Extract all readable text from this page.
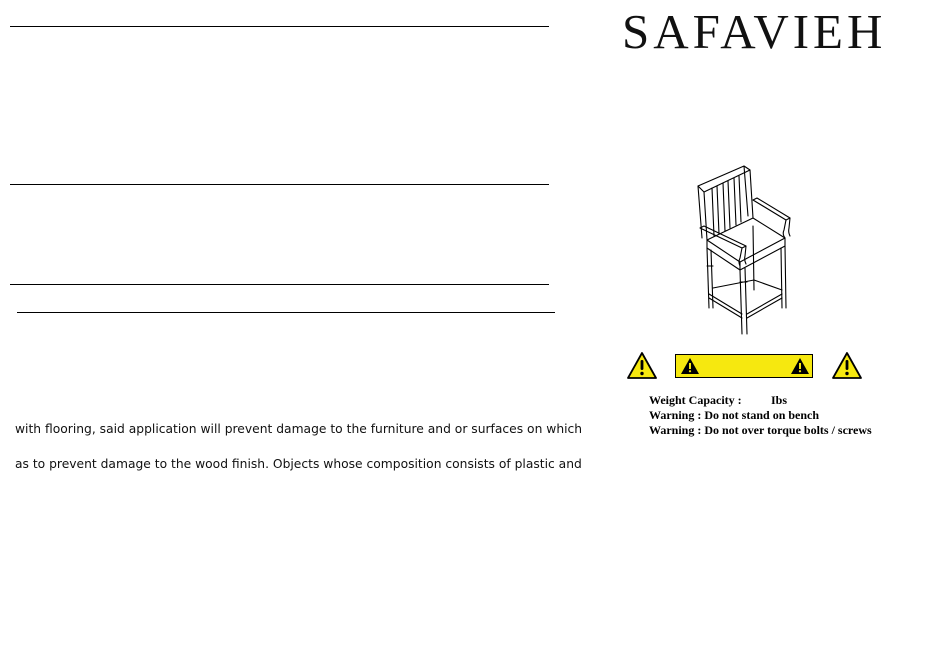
SAFAVIEH
with flooring, said application will prevent damage to the furniture and or surfaces on which
as to prevent damage to the wood finish. Objects whose composition consists of plastic and
Weight Capacity : Ibs
Warning : Do not stand on bench
Warning : Do not over torque bolts / screws
